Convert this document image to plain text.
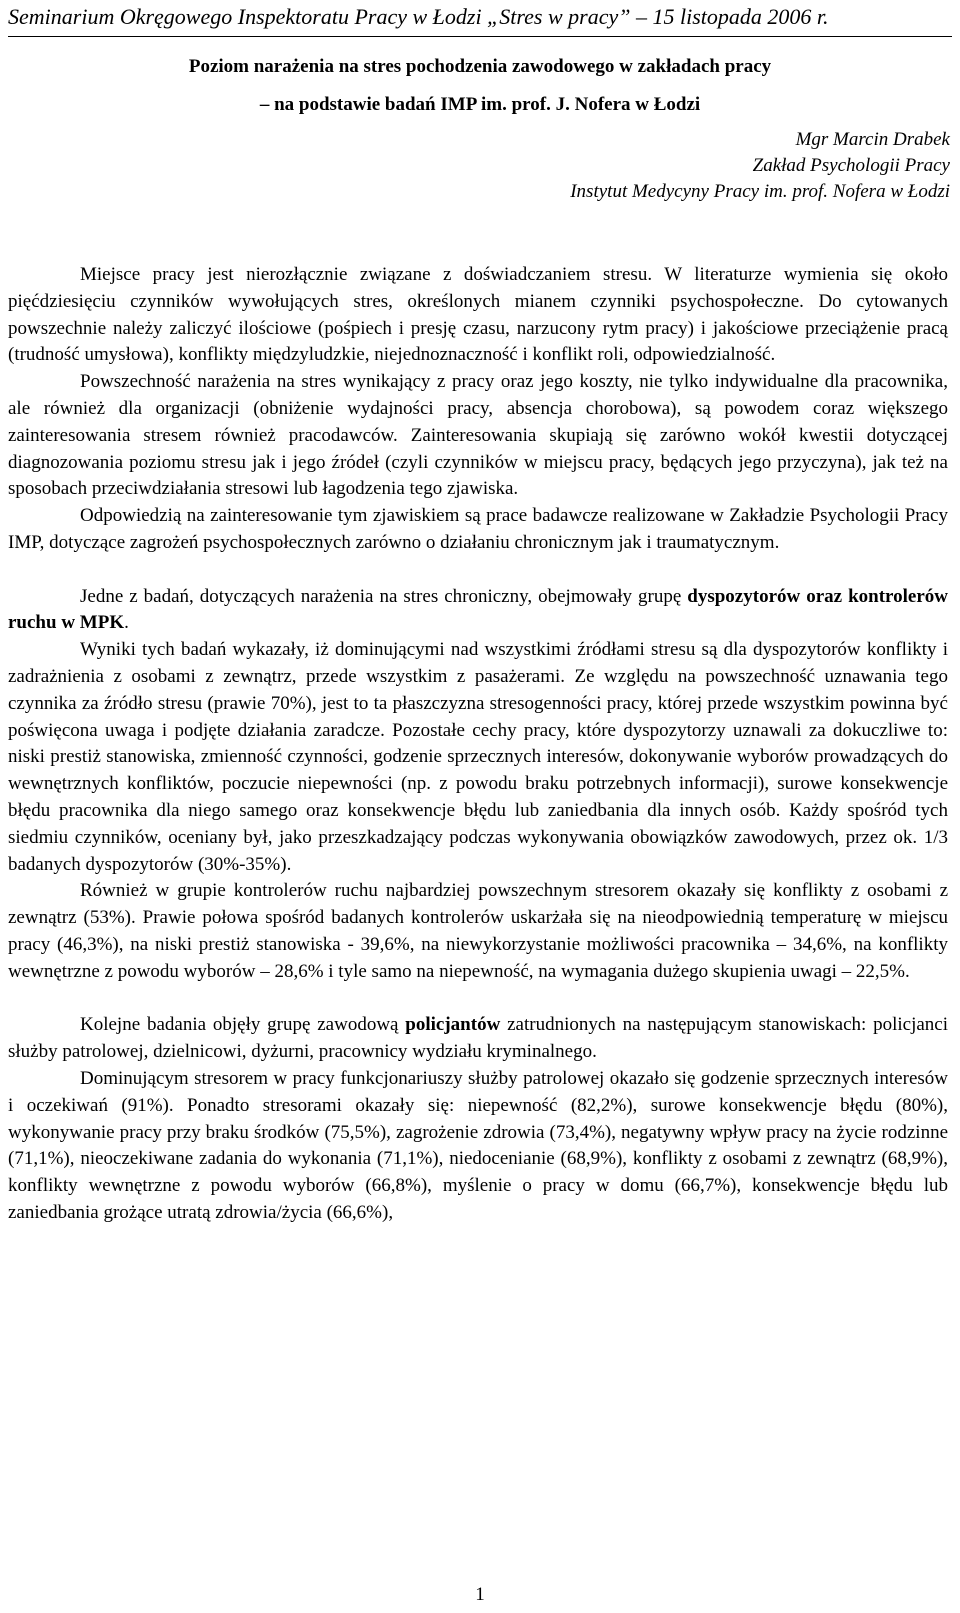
Seminarium Okręgowego Inspektoratu Pracy w Łodzi „Stres w pracy” – 15 listopada 2006 r.
Poziom narażenia na stres pochodzenia zawodowego w zakładach pracy
– na podstawie badań IMP im. prof. J. Nofera w Łodzi
Mgr Marcin Drabek
Zakład Psychologii Pracy
Instytut Medycyny Pracy im. prof. Nofera w Łodzi

Miejsce pracy jest nierozłącznie związane z doświadczaniem stresu. W literaturze wymienia się około pięćdziesięciu czynników wywołujących stres, określonych mianem czynniki psychospołeczne. Do cytowanych powszechnie należy zaliczyć ilościowe (pośpiech i presję czasu, narzucony rytm pracy) i jakościowe przeciążenie pracą (trudność umysłowa), konflikty międzyludzkie, niejednoznaczność i konflikt roli, odpowiedzialność.

Powszechność narażenia na stres wynikający z pracy oraz jego koszty, nie tylko indywidualne dla pracownika, ale również dla organizacji (obniżenie wydajności pracy, absencja chorobowa), są powodem coraz większego zainteresowania stresem również pracodawców. Zainteresowania skupiają się zarówno wokół kwestii dotyczącej diagnozowania poziomu stresu jak i jego źródeł (czyli czynników w miejscu pracy, będących jego przyczyna), jak też na sposobach przeciwdziałania stresowi lub łagodzenia tego zjawiska.

Odpowiedzią na zainteresowanie tym zjawiskiem są prace badawcze realizowane w Zakładzie Psychologii Pracy IMP, dotyczące zagrożeń psychospołecznych zarówno o działaniu chronicznym jak i traumatycznym.

Jedne z badań, dotyczących narażenia na stres chroniczny, obejmowały grupę dyspozytorów oraz kontrolerów ruchu w MPK.

Wyniki tych badań wykazały, iż dominującymi nad wszystkimi źródłami stresu są dla dyspozytorów konflikty i zadrażnienia z osobami z zewnątrz, przede wszystkim z pasażerami. Ze względu na powszechność uznawania tego czynnika za źródło stresu (prawie 70%), jest to ta płaszczyzna stresogenności pracy, której przede wszystkim powinna być poświęcona uwaga i podjęte działania zaradcze. Pozostałe cechy pracy, które dyspozytorzy uznawali za dokuczliwe to: niski prestiż stanowiska, zmienność czynności, godzenie sprzecznych interesów, dokonywanie wyborów prowadzących do wewnętrznych konfliktów, poczucie niepewności (np. z powodu braku potrzebnych informacji), surowe konsekwencje błędu pracownika dla niego samego oraz konsekwencje błędu lub zaniedbania dla innych osób. Każdy spośród tych siedmiu czynników, oceniany był, jako przeszkadzający podczas wykonywania obowiązków zawodowych, przez ok. 1/3 badanych dyspozytorów (30%-35%).

Również w grupie kontrolerów ruchu najbardziej powszechnym stresorem okazały się konflikty z osobami z zewnątrz (53%). Prawie połowa spośród badanych kontrolerów uskarżała się na nieodpowiednią temperaturę w miejscu pracy (46,3%), na niski prestiż stanowiska - 39,6%, na niewykorzystanie możliwości pracownika – 34,6%, na konflikty wewnętrzne z powodu wyborów – 28,6% i tyle samo na niepewność, na wymagania dużego skupienia uwagi – 22,5%.

Kolejne badania objęły grupę zawodową policjantów zatrudnionych na następującym stanowiskach: policjanci służby patrolowej, dzielnicowi, dyżurni, pracownicy wydziału kryminalnego.

Dominującym stresorem w pracy funkcjonariuszy służby patrolowej okazało się godzenie sprzecznych interesów i oczekiwań (91%). Ponadto stresorami okazały się: niepewność (82,2%), surowe konsekwencje błędu (80%), wykonywanie pracy przy braku środków (75,5%), zagrożenie zdrowia (73,4%), negatywny wpływ pracy na życie rodzinne (71,1%), nieoczekiwane zadania do wykonania (71,1%), niedocenianie (68,9%), konflikty z osobami z zewnątrz (68,9%), konflikty wewnętrzne z powodu wyborów (66,8%), myślenie o pracy w domu (66,7%), konsekwencje błędu lub zaniedbania grożące utratą zdrowia/życia (66,6%),

1
